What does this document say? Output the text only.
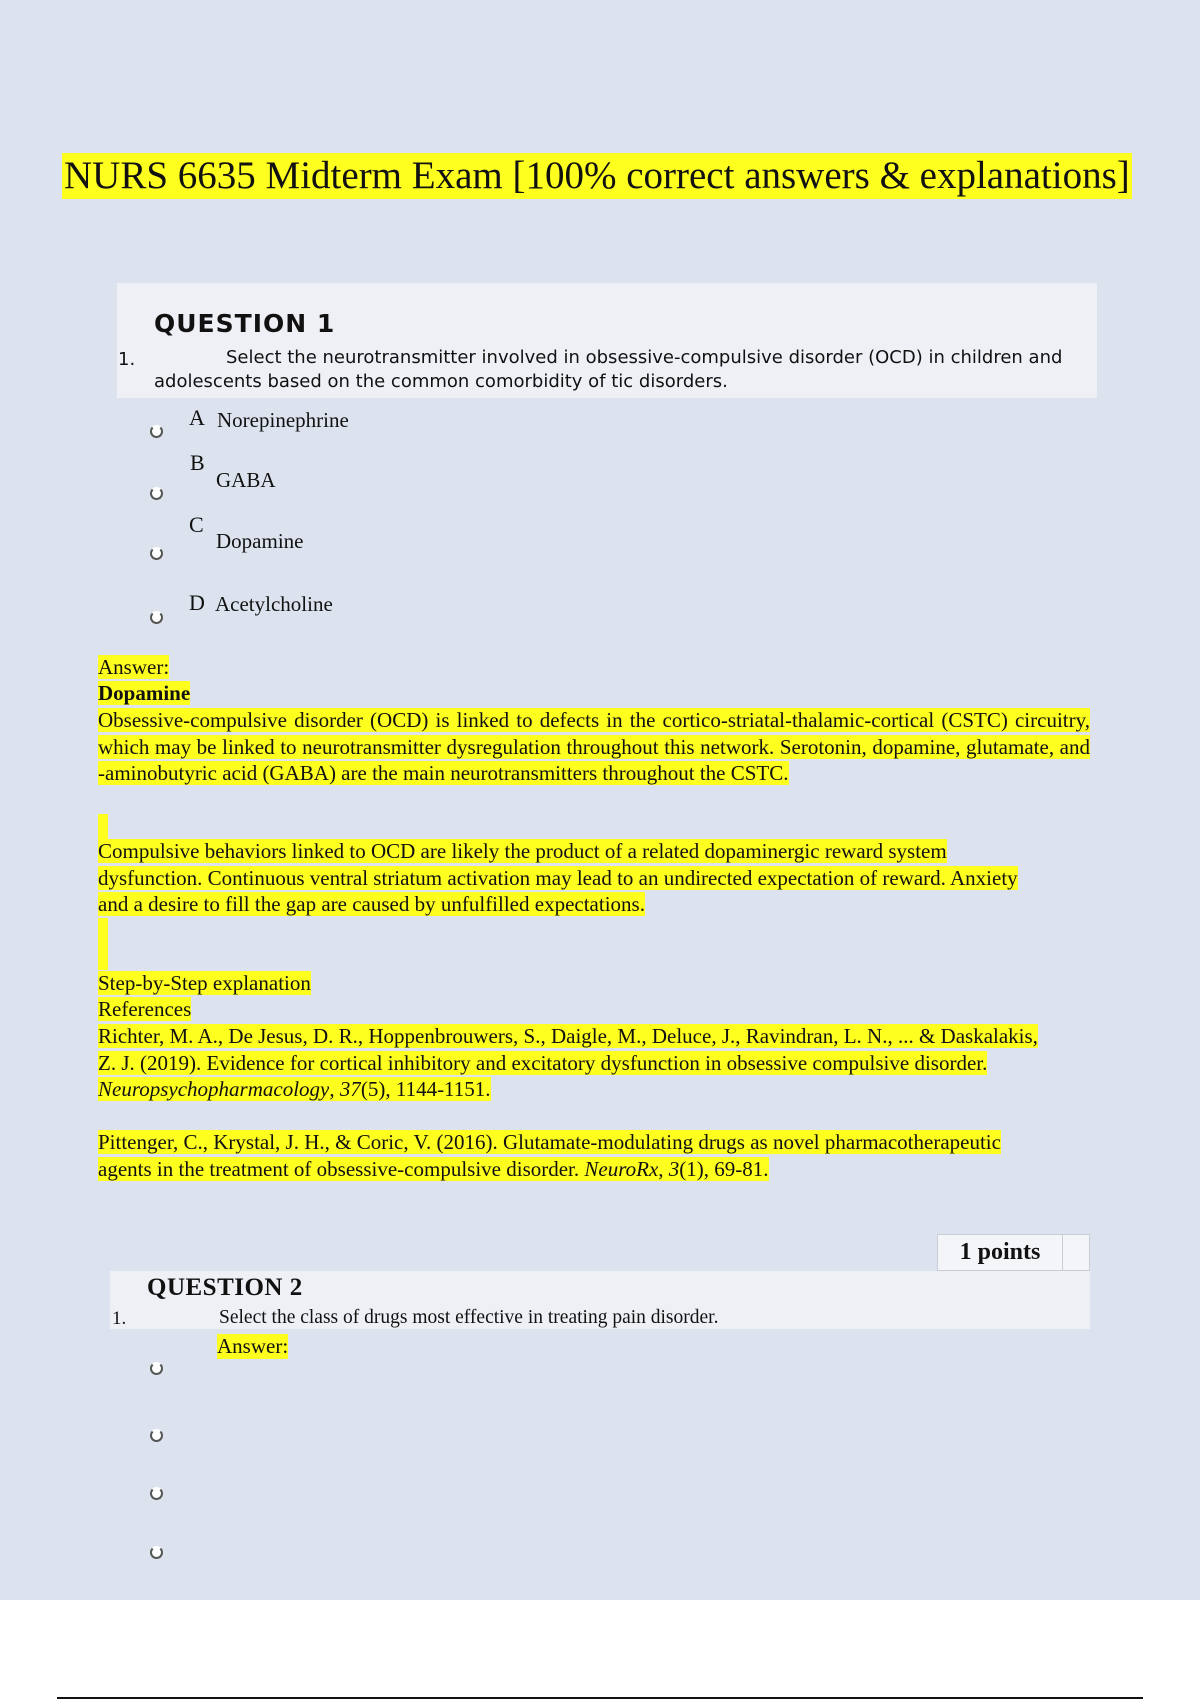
NURS 6635 Midterm Exam [100% correct answers & explanations]
QUESTION 1
1.	Select the neurotransmitter involved in obsessive-compulsive disorder (OCD) in children and adolescents based on the common comorbidity of tic disorders.
A Norepinephrine
B
GABA
C
Dopamine
D Acetylcholine
Answer:
Dopamine
Obsessive-compulsive disorder (OCD) is linked to defects in the cortico-striatal-thalamic-cortical (CSTC) circuitry, which may be linked to neurotransmitter dysregulation throughout this network. Serotonin, dopamine, glutamate, and -aminobutyric acid (GABA) are the main neurotransmitters throughout the CSTC.
Compulsive behaviors linked to OCD are likely the product of a related dopaminergic reward system dysfunction. Continuous ventral striatum activation may lead to an undirected expectation of reward. Anxiety and a desire to fill the gap are caused by unfulfilled expectations.
Step-by-Step explanation
References
Richter, M. A., De Jesus, D. R., Hoppenbrouwers, S., Daigle, M., Deluce, J., Ravindran, L. N., ... & Daskalakis, Z. J. (2019). Evidence for cortical inhibitory and excitatory dysfunction in obsessive compulsive disorder. Neuropsychopharmacology, 37(5), 1144-1151.
Pittenger, C., Krystal, J. H., & Coric, V. (2016). Glutamate-modulating drugs as novel pharmacotherapeutic agents in the treatment of obsessive-compulsive disorder. NeuroRx, 3(1), 69-81.
1 points
QUESTION 2
1.	Select the class of drugs most effective in treating pain disorder.
Answer:
